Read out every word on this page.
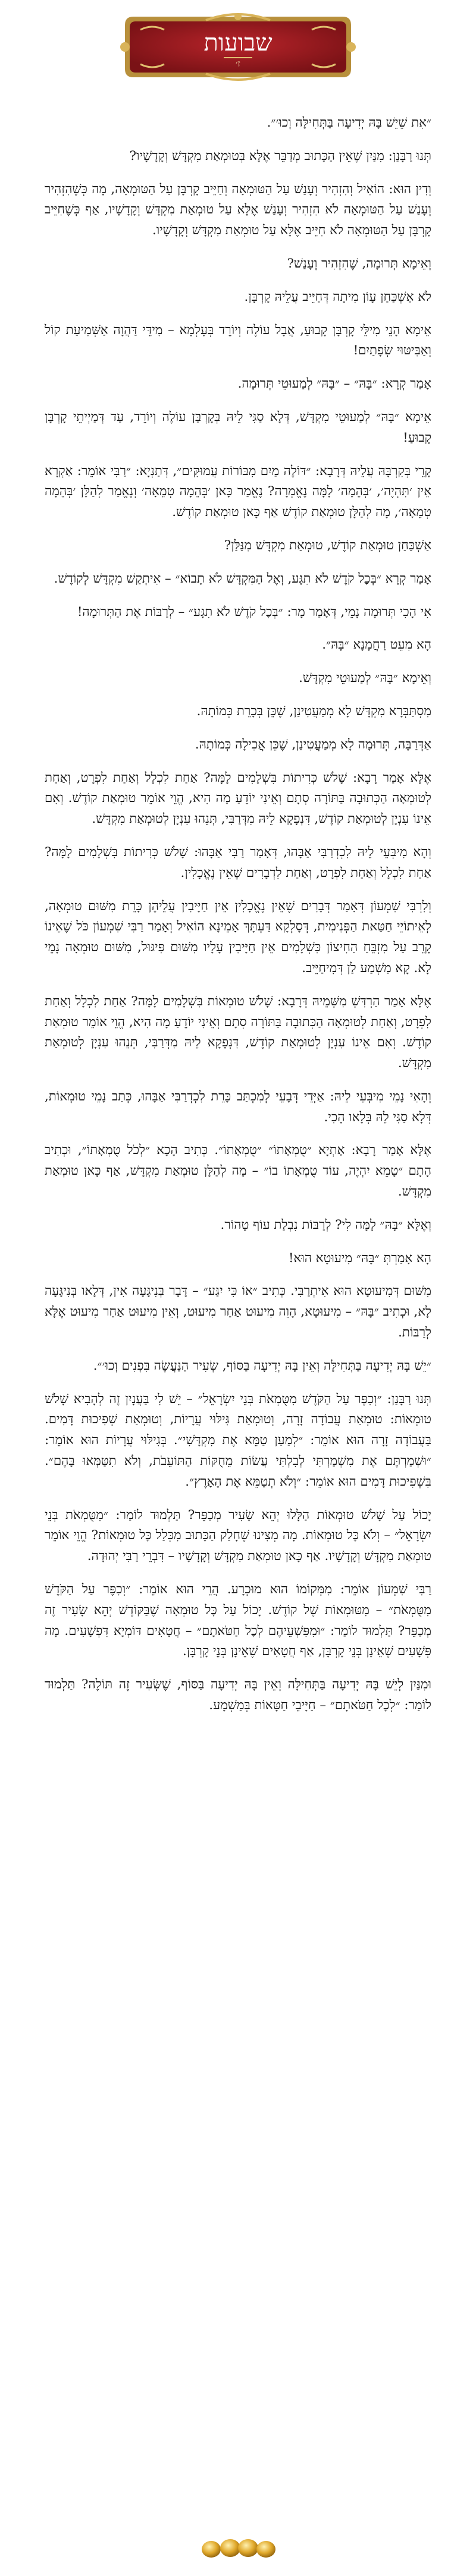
שבועות
ז׳

״אִת שֵׁיֵשׁ בָּהּ יְדִיעָה בַּתְּחִילָּה וְכוּ׳״.

תְּנוּ רַבָּנַן: מִנַּיִן שֶׁאֵין הַכָּתוּב מְדַבֵּר אֶלָּא בְּטוּמְאַת מִקְדָּשׁ וְקָדָשָׁיו?

וְדִין הוּא: הוֹאִיל וְהִזְהִיר וְעָנַשׁ עַל הַטּוּמְאָה וְחַיֵּיב קָרְבָּן עַל הַטּוּמְאָה, מָה כְּשֶׁהִזְהִיר וְעָנַשׁ עַל הַטּוּמְאָה לֹא הִזְהִיר וְעָנַשׁ אֶלָּא עַל טוּמְאַת מִקְדָּשׁ וְקָדָשָׁיו, אַף כְּשֶׁחִיֵּיב קָרְבָּן עַל הַטּוּמְאָה לֹא חִיֵּיב אֶלָּא עַל טוּמְאַת מִקְדָּשׁ וְקָדָשָׁיו.

וְאֵימָא תְּרוּמָה, שֶׁהִזְהִיר וְעָנַשׁ?

לֹא אַשְׁכַּחַן עָוֹן מִיתָה דְּחַיֵּיב עֲלֵיהּ קָרְבָּן.

אֵימָא הָנֵי מִילֵּי קָרְבָּן קָבוּעַ, אֲבָל עוֹלֶה וְיוֹרֵד בְּעָלְמָא – מִידֵּי דַּהֲוָה אַשְּׁמִיעַת קוֹל וְאַבִּיטּוּי שְׂפָתַיִם!

אָמַר קְרָא: ״בָּהּ״ – ״בָּהּ״ לְמַעוּטֵי תְּרוּמָה.

אֵימָא ״בָּהּ״ לְמַעוּטֵי מִקְדָּשׁ, דְּלָא סַגִּי לֵיהּ בְּקָרְבַּן עוֹלֶה וְיוֹרֵד, עַד דְּמַיְיתֵי קָרְבָּן קָבוּעַ!

קָרֵי בְּקִרְבָּהּ עֲלֵיהּ דְּרָבָא: ״דּוֹלֶה מַיִם מִבּוֹרוֹת עֲמוּקִּים״, דְּתַנְיָא: ״רַבִּי אוֹמֵר: אַקְרָא אֵין ׳תִּהְיֶה׳, ׳בְּהֵמָה׳ לָמָּה נֶאֱמְרָה? נֶאֱמַר כָּאן ׳בְּהֵמָה טְמֵאָה׳ וְנֶאֱמַר לְהַלָּן ׳בְּהֵמָה טְמֵאָה׳, מָה לְהַלָּן טוּמְאַת קוֹדֶשׁ אַף כָּאן טוּמְאַת קוֹדֶשׁ.

אַשְׁכַּחַן טוּמְאַת קוֹדֶשׁ, טוּמְאַת מִקְדָּשׁ מִנַּלַּן?

אָמַר קְרָא ״בְּכׇל קֹדֶשׁ לֹא תִגָּע, וְאֶל הַמִּקְדָּשׁ לֹא תָבוֹא״ – אִיתְקַשׁ מִקְדָּשׁ לְקוֹדֶשׁ.

אִי הָכִי תְּרוּמָה נָמֵי, דְּאָמַר מָר: ״בְּכׇל קֹדֶשׁ לֹא תִגָּע״ – לְרַבּוֹת אֶת הַתְּרוּמָה!

הָא מִעֵט רַחֲמָנָא ״בָּהּ״.

וְאֵימָא ״בָּהּ״ לְמַעוּטֵי מִקְדָּשׁ.

מִסְתַּבְּרָא מִקְדָּשׁ לָא מְמַעֲטִינַן, שֶׁכֵּן בְּכָרֵת כְּמוֹתָהּ.

אַדְּרַבָּה, תְּרוּמָה לָא מְמַעֲטִינַן, שֶׁכֵּן אֲכִילָה כְּמוֹתָהּ.

אֶלָּא אָמַר רָבָא: שָׁלֹשׁ כְּרִיתוֹת בִּשְׁלָמִים לָמָּה? אַחַת לִכְלָל וְאַחַת לִפְרָט, וְאַחַת לְטוּמְאָה הַכְּתוּבָה בַּתּוֹרָה סְתָם וְאֵינִי יוֹדֵעַ מָה הִיא, הֱוֵי אוֹמֵר טוּמְאַת קוֹדֶשׁ. וְאִם אֵינוֹ עִנְיָן לְטוּמְאַת קוֹדֶשׁ, דִּנְפָקָא לֵיהּ מִדְּרַבִּי, תְּנֵהוּ עִנְיָן לְטוּמְאַת מִקְדָּשׁ.

וְהָא מִיבְּעֵי לֵיהּ לִכְדְרַבִּי אַבָּהוּ, דְּאָמַר רַבִּי אַבָּהוּ: שָׁלֹשׁ כְּרִיתוֹת בִּשְׁלָמִים לָמָּה? אַחַת לִכְלָל וְאַחַת לִפְרָט, וְאַחַת לִדְבָרִים שֶׁאֵין נֶאֱכָלִין.

וְלִרְבִּי שִׁמְעוֹן דְּאָמַר דְּבָרִים שֶׁאֵין נֶאֱכָלִין אֵין חַיָּיבִין עֲלֵיהֶן כָּרֵת מִשּׁוּם טוּמְאָה, לְאֵיתוֹיֵי חַטַּאת הַפְּנִימִית, דְּסָלְקָא דַּעְתָּךְ אָמֵינָא הוֹאִיל וְאָמַר רַבִּי שִׁמְעוֹן כֹּל שֶׁאֵינוֹ קָרֵב עַל מִזְבֵּחַ הַחִיצוֹן כִּשְׁלָמִים אֵין חַיָּיבִין עָלָיו מִשּׁוּם פִּיגּוּל, מִשּׁוּם טוּמְאָה נָמֵי לָא. קָא מַשְׁמַע לַן דְּמִיחַיֵּיב.

אֶלָּא אָמַר הַרְדִּשְׁ מִשְּׁמֵיהּ דְּרָבָא: שָׁלֹשׁ טוּמְאוֹת בִּשְׁלָמִים לָמָּה? אַחַת לִכְלָל וְאַחַת לִפְרָט, וְאַחַת לְטוּמְאָה הַכְּתוּבָה בַּתּוֹרָה סְתָם וְאֵינִי יוֹדֵעַ מָה הִיא, הֱוֵי אוֹמֵר טוּמְאַת קוֹדֶשׁ. וְאִם אֵינוֹ עִנְיָן לְטוּמְאַת קוֹדֶשׁ, דִּנְפָקָא לֵיהּ מִדְּרַבִּי, תְּנֵהוּ עִנְיָן לְטוּמְאַת מִקְדָּשׁ.

וְהָאִי נָמֵי מִיבְּעֵי לֵיהּ: אַיְּדֵי דְּבָעֵי לְמִכְתַּב כָּרֵת לִכְדְרַבִּי אַבָּהוּ, כְּתַב נָמֵי טוּמְאוֹת, דְּלָא סַגִּי לֵהּ בְּלָאו הָכִי.

אֶלָּא אָמַר רָבָא: אָתְיָא ״טֻמְאָתוֹ״ ״טֻמְאָתוֹ״. כְּתִיב הָכָא ״לְכֹל טֻמְאָתוֹ״, וּכְתִיב הָתָם ״טָמֵא יִהְיֶה, עוֹד טֻמְאָתוֹ בוֹ״ – מָה לְהַלָּן טוּמְאַת מִקְדָּשׁ, אַף כָּאן טוּמְאַת מִקְדָּשׁ.

וְאֶלָּא ״בָּהּ״ לָמָּה לִי? לְרַבּוֹת נִבְלַת עוֹף טָהוֹר.

הָא אָמַרְתְּ ״בָּהּ״ מִיעוּטָא הוּא!

מִשּׁוּם דְּמִיעוּטָא הוּא אִיתְרַבִּי. כְּתִיב ״אוֹ כִּי יִגַּע״ – דָּבָר בְּנִיגָּעָה אִין, דְּלָאו בְּנִיגָּעָה לָא, וּכְתִיב ״בָּהּ״ – מִיעוּטָא, הָוֵה מִיעוּט אַחַר מִיעוּט, וְאֵין מִיעוּט אַחַר מִיעוּט אֶלָּא לְרַבּוֹת.

״יֵשׁ בָּהּ יְדִיעָה בַּתְּחִילָּה וְאֵין בָּהּ יְדִיעָה בַּסּוֹף, שְׂעִיר הַנַּעֲשֶׂה בִּפְנִים וְכוּ׳״.

תְּנוּ רַבָּנַן: ״וְכִפֶּר עַל הַקֹּדֶשׁ מִטֻּמְאֹת בְּנֵי יִשְׂרָאֵל״ – יֵשׁ לִי בַּעֲנָיִן זֶה לְהָבִיא שָׁלֹשׁ טוּמְאוֹת: טוּמְאַת עֲבוֹדָה זָרָה, וְטוּמְאַת גִּילּוּי עֲרָיוֹת, וְטוּמְאַת שְׁפִיכוּת דָּמִים. בַּעֲבוֹדָה זָרָה הוּא אוֹמֵר: ״לְמַעַן טַמֵּא אֶת מִקְדָּשִׁי״. בְּגִילּוּי עֲרָיוֹת הוּא אוֹמֵר: ״וּשְׁמַרְתֶּם אֶת מִשְׁמַרְתִּי לְבִלְתִּי עֲשׂוֹת מֵחֻקּוֹת הַתּוֹעֵבֹת, וְלֹא תִטַּמְּאוּ בָּהֶם״. בִּשְׁפִיכוּת דָּמִים הוּא אוֹמֵר: ״וְלֹא תְטַמֵּא אֶת הָאָרֶץ״.

יָכוֹל עַל שָׁלֹשׁ טוּמְאוֹת הַלָּלוּ יְהֵא שָׂעִיר מְכַפֵּר? תַּלְמוּד לוֹמַר: ״מִטֻּמְאֹת בְּנֵי יִשְׂרָאֵל״ – וְלֹא כׇּל טוּמְאוֹת. מָה מְצִינוּ שֶׁחָלַק הַכָּתוּב מִכְּלַל כׇּל טוּמְאוֹת? הֱוֵי אוֹמֵר טוּמְאַת מִקְדָּשׁ וְקָדָשָׁיו. אַף כָּאן טוּמְאַת מִקְדָּשׁ וְקָדָשָׁיו – דִּבְרֵי רַבִּי יְהוּדָה.

רַבִּי שִׁמְעוֹן אוֹמֵר: מִמְּקוֹמוֹ הוּא מוּכְרָע. הֲרֵי הוּא אוֹמֵר: ״וְכִפֶּר עַל הַקֹּדֶשׁ מִטֻּמְאֹת״ – מִטּוּמְאוֹת שֶׁל קוֹדֶשׁ. יָכוֹל עַל כׇּל טוּמְאָה שֶׁבַּקּוֹדֶשׁ יְהֵא שָׂעִיר זֶה מְכַפֵּר? תַּלְמוּד לוֹמַר: ״וּמִפִּשְׁעֵיהֶם לְכׇל חַטֹּאתָם״ – חֲטָאִים דּוֹמְיָא דִּפְשָׁעִים. מָה פְּשָׁעִים שֶׁאֵינָן בְּנֵי קָרְבָּן, אַף חֲטָאִים שֶׁאֵינָן בְּנֵי קָרְבָּן.

וּמִנַּיִן לְיֵשׁ בָּהּ יְדִיעָה בַּתְּחִילָּה וְאֵין בָּהּ יְדִיעָה בַּסּוֹף, שֶׁשְּׂעִיר זֶה תּוֹלֶה? תַּלְמוּד לוֹמַר: ״לְכׇל חַטֹּאתָם״ – חַיָּיבֵי חַטָּאוֹת בְּמַשְׁמָע.
